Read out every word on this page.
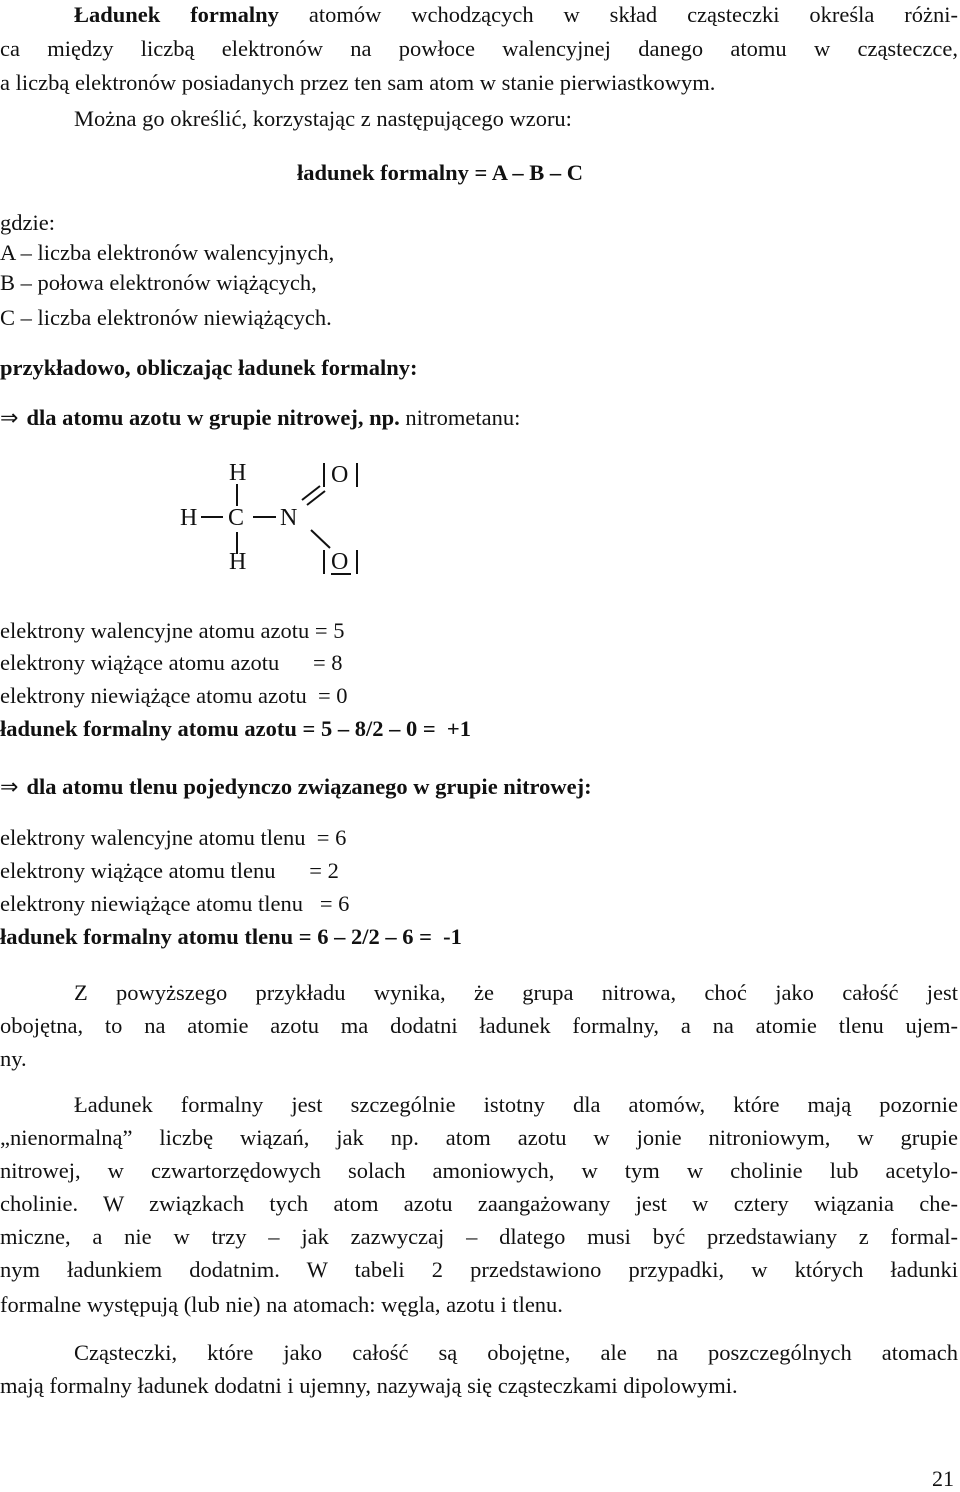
Ładunek formalny atomów wchodzących w skład cząsteczki określa różni-
ca między liczbą elektronów na powłoce walencyjnej danego atomu w cząsteczce,
a liczbą elektronów posiadanych przez ten sam atom w stanie pierwiastkowym.
Można go określić, korzystając z następującego wzoru:
ładunek formalny = A – B – C
gdzie:
A – liczba elektronów walencyjnych,
B – połowa elektronów wiążących,
C – liczba elektronów niewiążących.
przykładowo, obliczając ładunek formalny:
⇒ dla atomu azotu w grupie nitrowej, np. nitrometanu:
H
H C N
H
O
O
elektrony walencyjne atomu azotu = 5
elektrony wiążące atomu azotu      = 8
elektrony niewiążące atomu azotu  = 0
ładunek formalny atomu azotu = 5 – 8/2 – 0 =  +1
⇒ dla atomu tlenu pojedynczo związanego w grupie nitrowej:
elektrony walencyjne atomu tlenu  = 6
elektrony wiążące atomu tlenu      = 2
elektrony niewiążące atomu tlenu   = 6
ładunek formalny atomu tlenu = 6 – 2/2 – 6 =  -1
Z powyższego przykładu wynika, że grupa nitrowa, choć jako całość jest
obojętna, to na atomie azotu ma dodatni ładunek formalny, a na atomie tlenu ujem-
ny.
Ładunek formalny jest szczególnie istotny dla atomów, które mają pozornie
„nienormalną” liczbę wiązań, jak np. atom azotu w jonie nitroniowym, w grupie
nitrowej, w czwartorzędowych solach amoniowych, w tym w cholinie lub acetylo-
cholinie. W związkach tych atom azotu zaangażowany jest w cztery wiązania che-
miczne, a nie w trzy – jak zazwyczaj – dlatego musi być przedstawiany z formal-
nym ładunkiem dodatnim. W tabeli 2 przedstawiono przypadki, w których ładunki
formalne występują (lub nie) na atomach: węgla, azotu i tlenu.
Cząsteczki, które jako całość są obojętne, ale na poszczególnych atomach
mają formalny ładunek dodatni i ujemny, nazywają się cząsteczkami dipolowymi.
21
